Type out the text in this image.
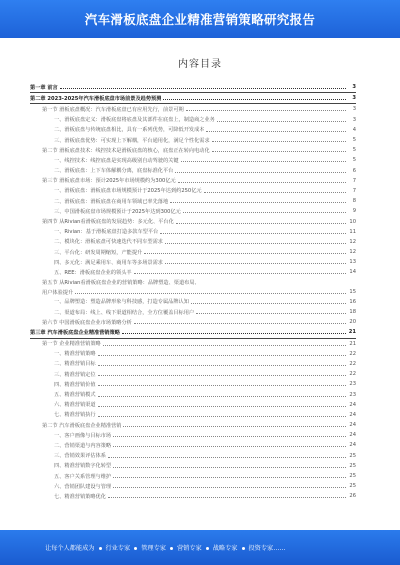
汽车滑板底盘企业精准营销策略研究报告
内容目录
第一章 前言	3
第二章 2023-2025年汽车滑板底盘市场前景及趋势预测	3
第一节 滑板底盘概况：汽车滑板底盘已有应用先行，前景可期	3
一、滑板底盘定义：滑板底盘将底盘及其部件在底盘上，制造商之业务	3
二、滑板底盘与传统底盘相比，具有一系列优势，可降低开发成本	4
三、滑板底盘优势：可实现上下解耦，平台通用化，满足个性化需求	5
第二节 滑板底盘技术：线控技术是滑板底盘的核心，底盘正在转向电动化	5
一、线控技术：线控底盘是实现高级别自动驾驶的关键	5
二、滑板底盘：上下车体解耦分离，底盘标准化平台	6
第三节 滑板底盘市场：预计2025年市场规模约为300亿元	7
一、滑板底盘：滑板底盘市场规模预计于2025年达到约250亿元	7
二、滑板底盘：滑板底盘在商用车领域已率先落地	8
三、中国滑板底盘市场规模预计于2025年达到300亿元	9
第四节 从Rivian看滑板底盘的发展趋势：多元化、平台化	10
一、Rivian：基于滑板底盘打造多款车型平台	11
二、模块化：滑板底盘可快速迭代不同车型需求	12
三、平台化：研发周期缩短，产能提升	12
四、多元化：满足乘用车、商用车等多场景需求	13
五、REE：滑板底盘企业的领头羊	14
第五节 从Rivian看滑板底盘企业的营销策略：品牌塑造、渠道布局、
用户体验提升	15
一、品牌塑造：塑造品牌形象与科技感，打造专属品牌认知	16
二、渠道布局：线上、线下渠道相结合，全方位覆盖目标用户	18
第六节 中国滑板底盘企业市场策略分析	20
第三章 汽车滑板底盘企业精准营销策略	21
第一节 企业精准营销策略	21
一、精准营销策略	22
二、精准营销目标	22
三、精准营销定位	22
四、精准营销价值	23
五、精准营销模式	23
六、精准营销渠道	24
七、精准营销执行	24
第二节 汽车滑板底盘企业精准营销	24
一、客户画像与目标市场	24
二、营销渠道与内容策略	24
三、营销效果评估体系	25
四、精准营销数字化转型	25
五、客户关系管理与维护	25
六、营销团队建设与管理	25
七、精准营销策略优化	26
让每个人都能成为 行业专家 管理专家 营销专家 战略专家 投资专家……
